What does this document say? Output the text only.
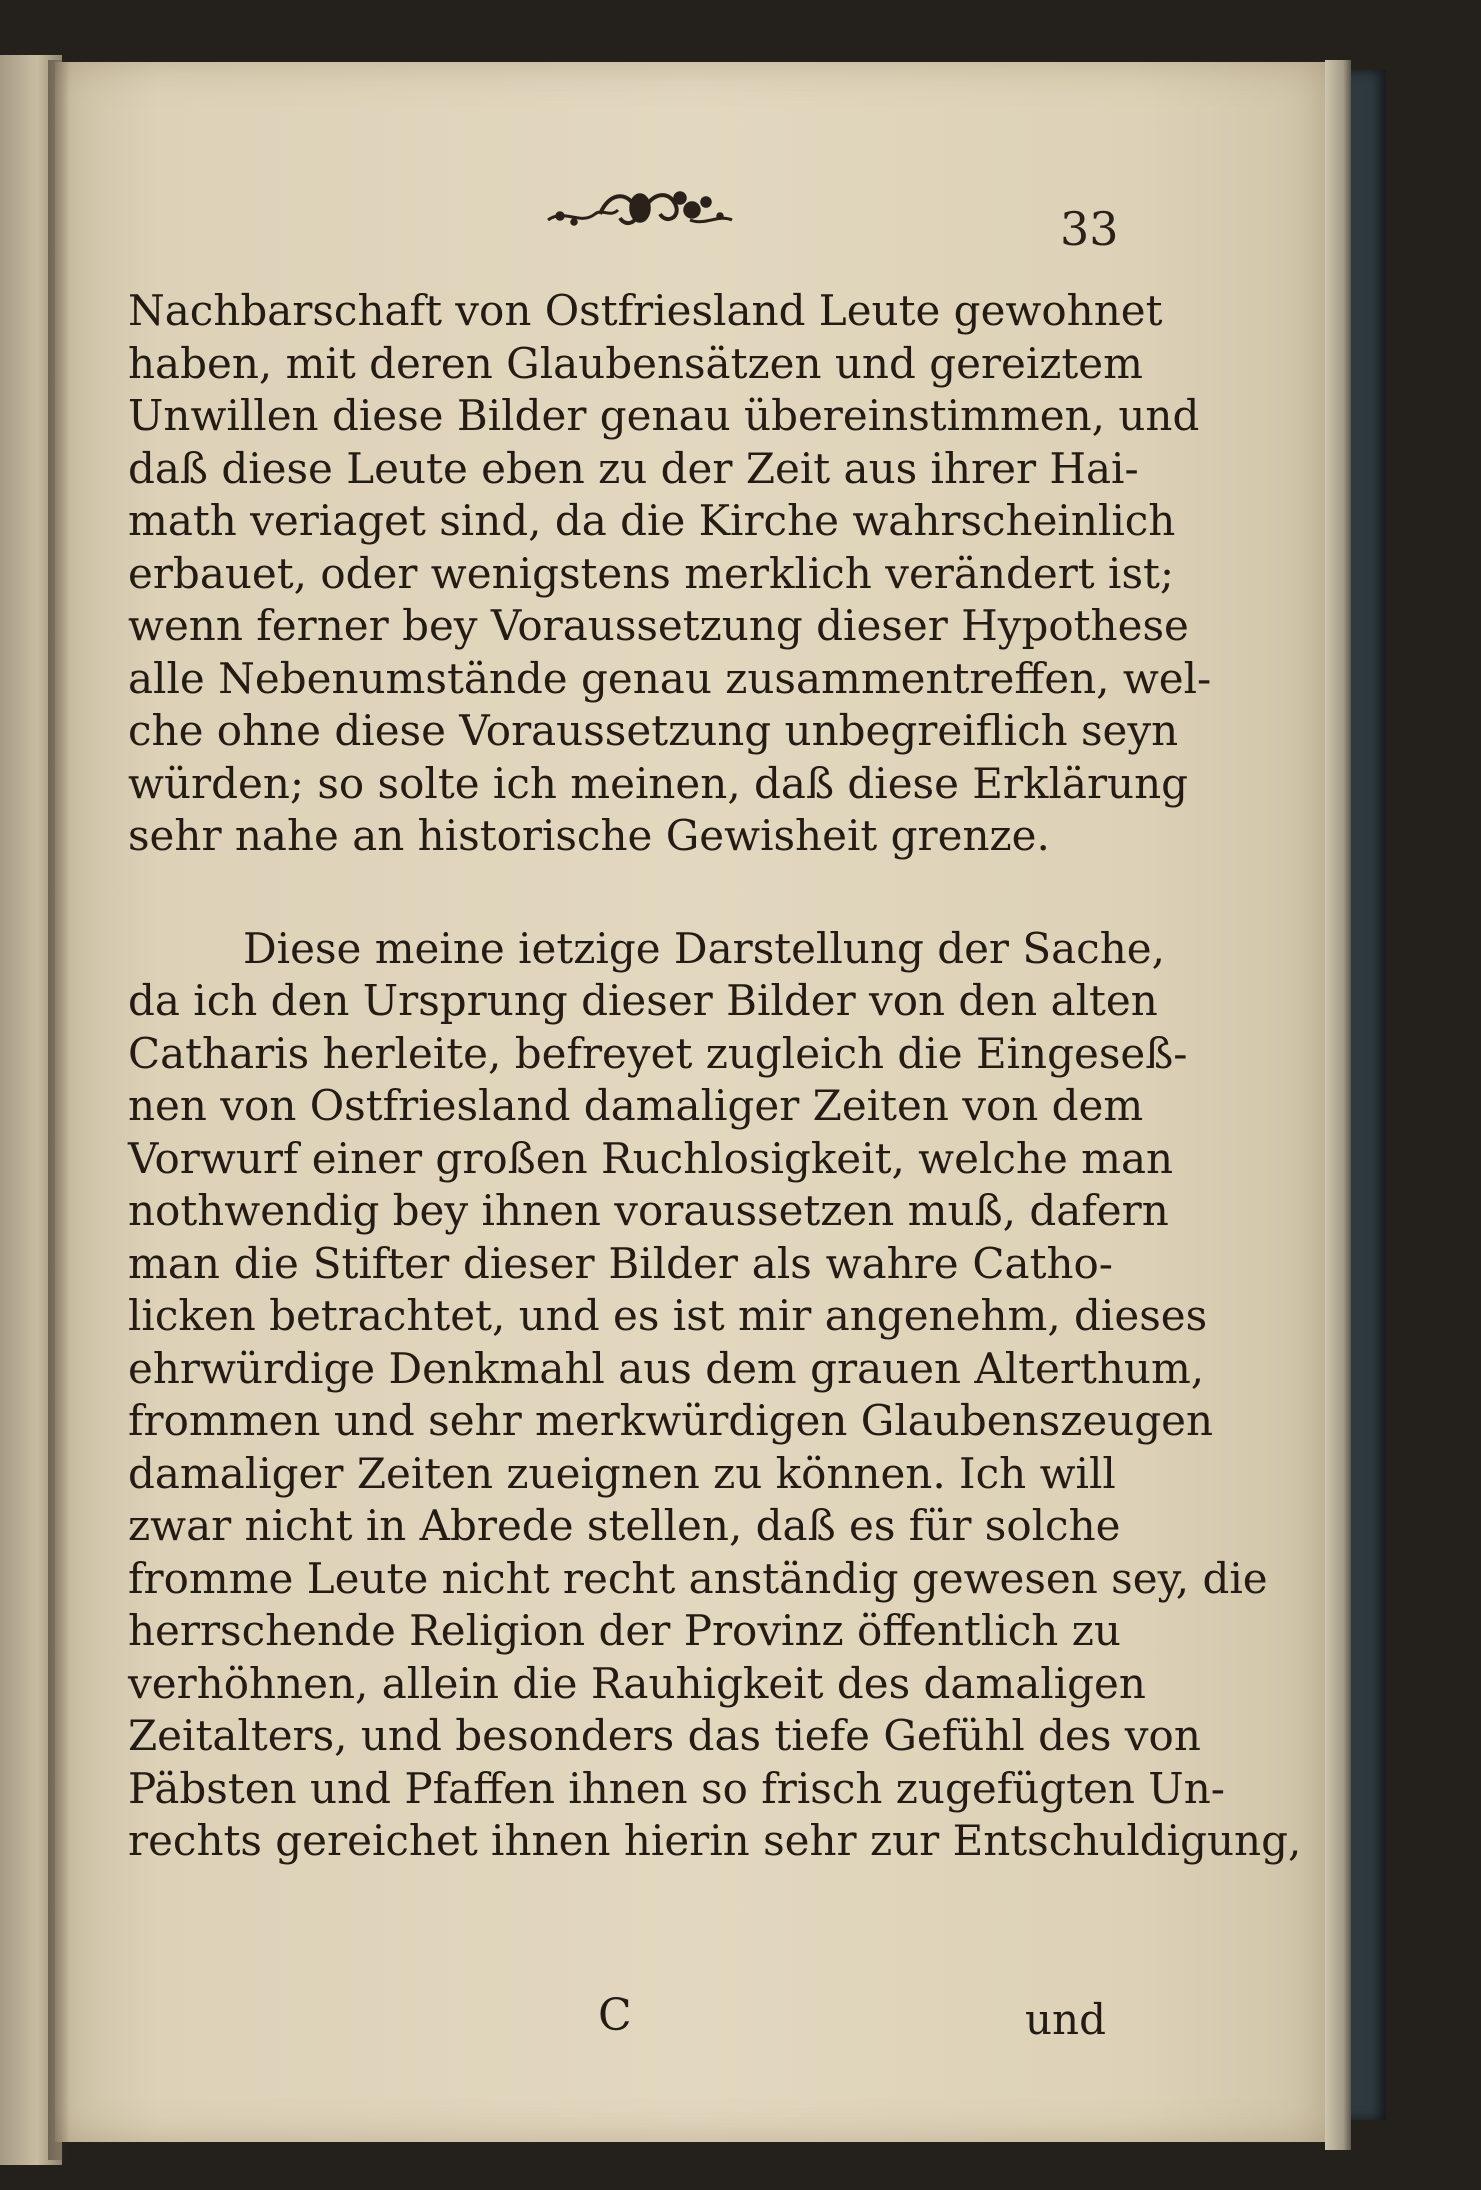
33

Nachbarschaft von Ostfriesland Leute gewohnet
haben, mit deren Glaubensätzen und gereiztem
Unwillen diese Bilder genau übereinstimmen, und
daß diese Leute eben zu der Zeit aus ihrer Hai-
math veriaget sind, da die Kirche wahrscheinlich
erbauet, oder wenigstens merklich verändert ist;
wenn ferner bey Voraussetzung dieser Hypothese
alle Nebenumstände genau zusammentreffen, wel-
che ohne diese Voraussetzung unbegreiflich seyn
würden; so solte ich meinen, daß diese Erklärung
sehr nahe an historische Gewisheit grenze.

Diese meine ietzige Darstellung der Sache,
da ich den Ursprung dieser Bilder von den alten
Catharis herleite, befreyet zugleich die Eingeseß-
nen von Ostfriesland damaliger Zeiten von dem
Vorwurf einer großen Ruchlosigkeit, welche man
nothwendig bey ihnen voraussetzen muß, dafern
man die Stifter dieser Bilder als wahre Catho-
licken betrachtet, und es ist mir angenehm, dieses
ehrwürdige Denkmahl aus dem grauen Alterthum,
frommen und sehr merkwürdigen Glaubenszeugen
damaliger Zeiten zueignen zu können. Ich will
zwar nicht in Abrede stellen, daß es für solche
fromme Leute nicht recht anständig gewesen sey, die
herrschende Religion der Provinz öffentlich zu
verhöhnen, allein die Rauhigkeit des damaligen
Zeitalters, und besonders das tiefe Gefühl des von
Päbsten und Pfaffen ihnen so frisch zugefügten Un-
rechts gereichet ihnen hierin sehr zur Entschuldigung,

C	und
